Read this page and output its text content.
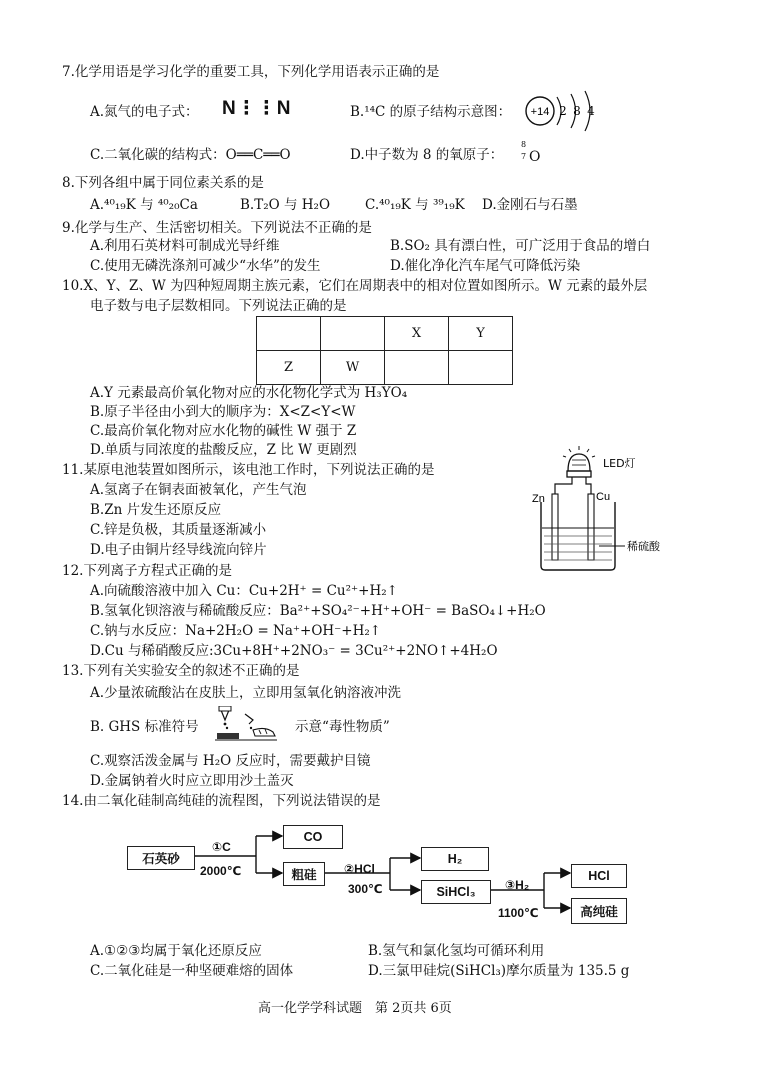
7.化学用语是学习化学的重要工具，下列化学用语表示正确的是
A.氮气的电子式： N⋮⋮N	B.¹⁴C 的原子结构示意图： +14 2 8 4
C.二氧化碳的结构式：O══C══O	D.中子数为 8 的氧原子：
8
7 O
8.下列各组中属于同位素关系的是
A.⁴⁰₁₉K 与 ⁴⁰₂₀Ca	B.T₂O 与 H₂O	C.⁴⁰₁₉K 与 ³⁹₁₉K D.金刚石与石墨
9.化学与生产、生活密切相关。下列说法不正确的是
A.利用石英材料可制成光导纤维	B.SO₂ 具有漂白性，可广泛用于食品的增白
C.使用无磷洗涤剂可减少“水华”的发生	D.催化净化汽车尾气可降低污染
10.X、Y、Z、W 为四种短周期主族元素，它们在周期表中的相对位置如图所示。W 元素的最外层
电子数与电子层数相同。下列说法正确的是
		X	Y
Z	W		
A.Y 元素最高价氧化物对应的水化物化学式为 H₃YO₄
B.原子半径由小到大的顺序为：X<Z<Y<W
C.最高价氧化物对应水化物的碱性 W 强于 Z
D.单质与同浓度的盐酸反应，Z 比 W 更剧烈
11.某原电池装置如图所示，该电池工作时，下列说法正确的是
A.氢离子在铜表面被氧化，产生气泡
B.Zn 片发生还原反应
C.锌是负极，其质量逐渐减小
D.电子由铜片经导线流向锌片
LED灯
Zn	Cu
稀硫酸
12.下列离子方程式正确的是
A.向硫酸溶液中加入 Cu：Cu+2H⁺ = Cu²⁺+H₂↑
B.氢氧化钡溶液与稀硫酸反应：Ba²⁺+SO₄²⁻+H⁺+OH⁻ = BaSO₄↓+H₂O
C.钠与水反应：Na+2H₂O = Na⁺+OH⁻+H₂↑
D.Cu 与稀硝酸反应:3Cu+8H⁺+2NO₃⁻ = 3Cu²⁺+2NO↑+4H₂O
13.下列有关实验安全的叙述不正确的是
A.少量浓硫酸沾在皮肤上，立即用氢氧化钠溶液冲洗
B. GHS 标准符号	示意“毒性物质”
C.观察活泼金属与 H₂O 反应时，需要戴护目镜
D.金属钠着火时应立即用沙土盖灭
14.由二氧化硅制高纯硅的流程图，下列说法错误的是
石英砂
①C
2000℃
CO
粗硅	②HCl
300℃
H₂
SiHCl₃	③H₂
1100℃
HCl
高纯硅
A.①②③均属于氧化还原反应	B.氢气和氯化氢均可循环利用
C.二氧化硅是一种坚硬难熔的固体	D.三氯甲硅烷(SiHCl₃)摩尔质量为 135.5 g
高一化学学科试题　第 2页共 6页
